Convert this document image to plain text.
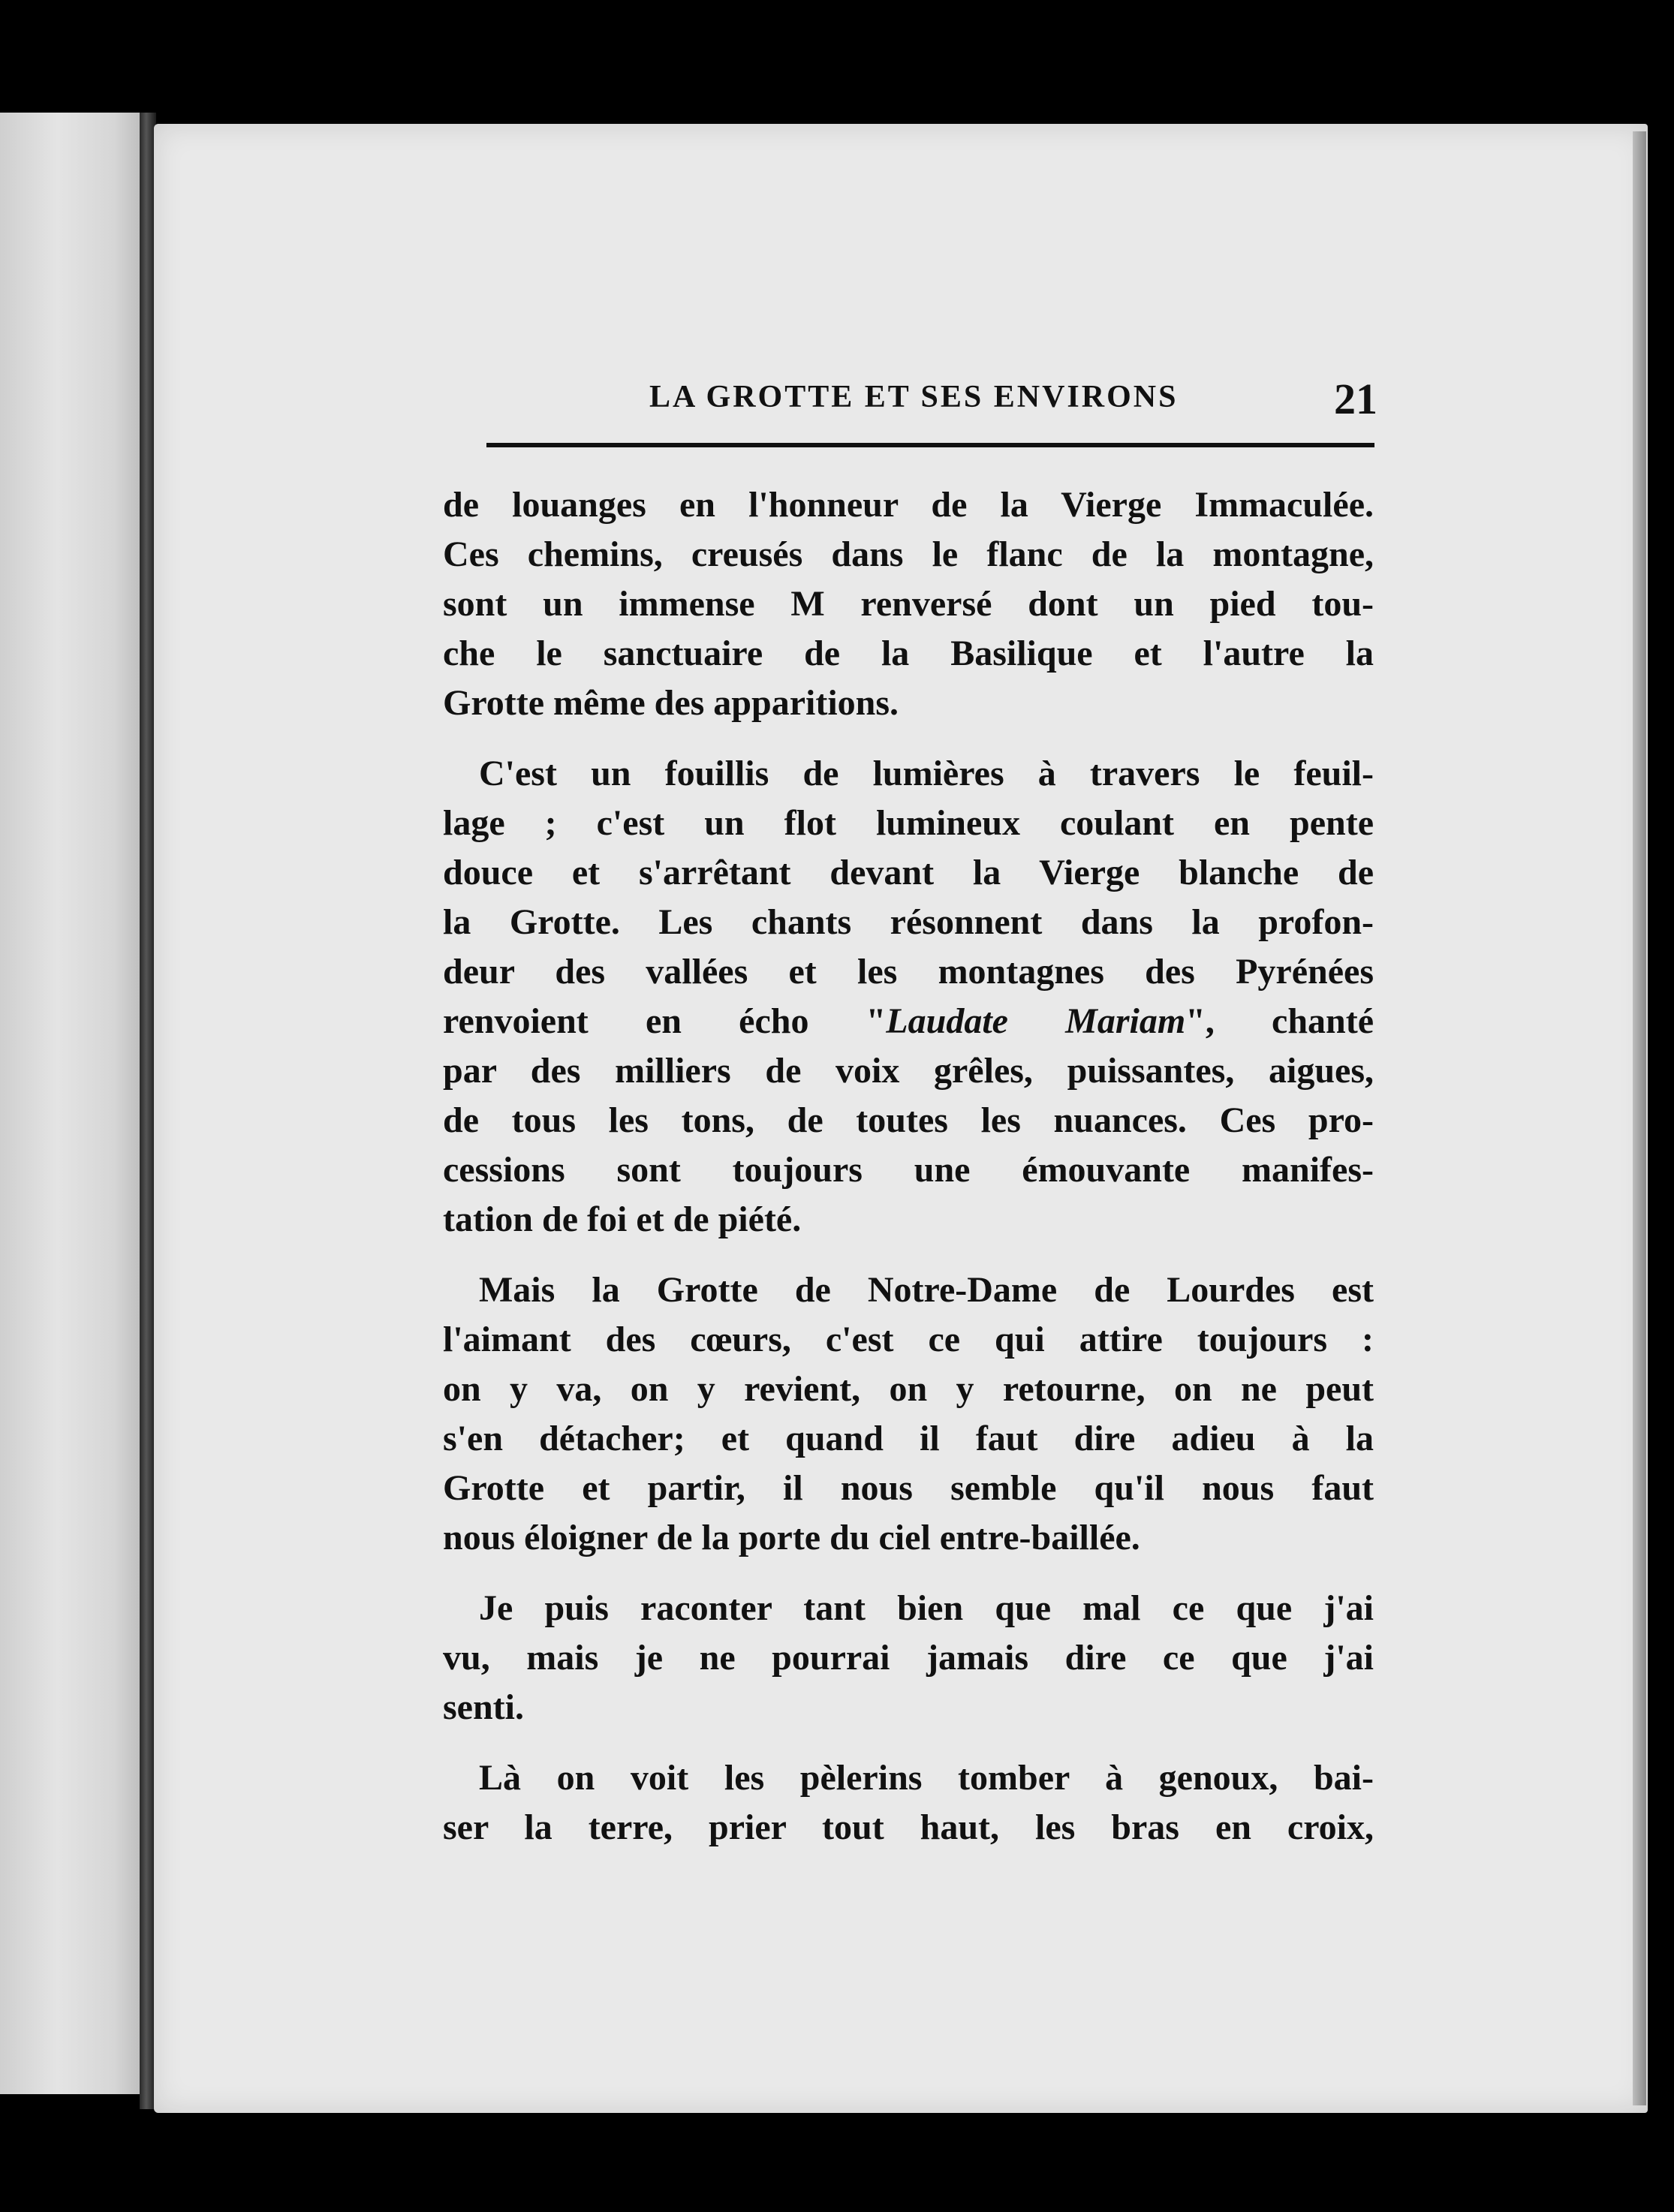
LA GROTTE ET SES ENVIRONS	21
de louanges en l'honneur de la Vierge Immaculée.
Ces chemins, creusés dans le flanc de la montagne,
sont un immense M renversé dont un pied tou-
che le sanctuaire de la Basilique et l'autre la
Grotte même des apparitions.
C'est un fouillis de lumières à travers le feuil-
lage ; c'est un flot lumineux coulant en pente
douce et s'arrêtant devant la Vierge blanche de
la Grotte. Les chants résonnent dans la profon-
deur des vallées et les montagnes des Pyrénées
renvoient en écho "Laudate Mariam", chanté
par des milliers de voix grêles, puissantes, aigues,
de tous les tons, de toutes les nuances. Ces pro-
cessions sont toujours une émouvante manifes-
tation de foi et de piété.
Mais la Grotte de Notre-Dame de Lourdes est
l'aimant des cœurs, c'est ce qui attire toujours :
on y va, on y revient, on y retourne, on ne peut
s'en détacher; et quand il faut dire adieu à la
Grotte et partir, il nous semble qu'il nous faut
nous éloigner de la porte du ciel entre-baillée.
Je puis raconter tant bien que mal ce que j'ai
vu, mais je ne pourrai jamais dire ce que j'ai
senti.
Là on voit les pèlerins tomber à genoux, bai-
ser la terre, prier tout haut, les bras en croix,
